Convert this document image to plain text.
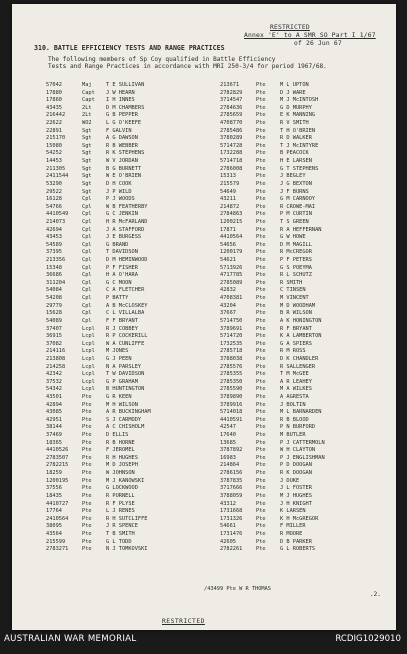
RESTRICTED
Annex 'E' to A SMR SO Part I 1/67
of 26 Jun 67
310. BATTLE EFFICIENCY TESTS AND RANGE PRACTICES
The following members of Sp Coy qualified in Battle Efficiency
Tests and Range Practices in accordance with MRI 250-3/4 for period 1967/68.
57042	Maj	T E SULLIVAN
17880	Capt	J W HEARN
17860	Capt	I H INNES
43435	2Lt	D M CHAMBERS
216442	2Lt	G B PEPPER
22622	WO2	L G O'KEEFE
22891	Sgt	F GALVIN
215170	Sgt	A G DAWSON
15080	Sgt	R B WEBBER
54252	Sgt	R K STEPHENS
14453	Sgt	W V JORDAN
211305	Sgt	B G BURNETT
2411544	Sgt	W E O'BRIEN
53290	Sgt	D H COOK
29522	Sgt	J P WILD
16128	Cpl	P J WOODS
54766	Cpl	W B FEATHERBY
4410549	Cpl	G C JENKIN
214073	Cpl	H R McFARLAND
42694	Cpl	J A STAFFORD
43453	Cpl	J E BURGESS
54589	Cpl	G BRAND
37395	Cpl	T DAVIDSON
213356	Cpl	D M HEMINWOOD
15348	Cpl	P F FISHER
36686	Cpl	H A O'HARA
311204	Cpl	G C MOON
54084	Cpl	C A FLETCHER
54208	Cpl	P BATTY
29779	Cpl	A B McCLOSKEY
15628	Cpl	C L VILLALBA
54089	Cpl	F F BRYANT
37407	Lcpl	R J COBBEY
36915	Lcpl	R P COCKERILL
37082	Lcpl	W A CUNLIFFE
214116	Lcpl	M JONES
213808	Lcpl	G J PEEN
214258	Lcpl	N A PARSLEY
42342	Lcpl	T W DAVIDSON
37532	Lcpl	G P GRAHAM
54342	Lcpl	B HUNTINGTON
43501	Pte	G R KEEN
42894	Pte	M H WILSON
43085	Pte	A R BUCKINGHAM
42951	Pte	S J CARMODY
38144	Pte	A C CHISHOLM
37469	Pte	D ELLIS
18365	Pte	R B HORNE
4410526	Pte	F JEROMEL
2783507	Pte	R H HUGHES
2782215	Pte	M D JOSEPH
18259	Pte	W JOHNSON
1200195	Pte	M J KANOWSKI
37556	Pte	G LOCKWOOD
18435	Pte	R PURNELL
4410727	Pte	R F PLYSE
17764	Pte	L J RENES
2410564	Pte	R H SUTCLIFFE
38095	Pte	J R SPENCE
43564	Pte	T B SMITH
215599	Pte	G L TODD
2783271	Pte	N J TOMKOVSKI
213671	Pte	M L UPTON
2782829	Pte	D J WARE
3714547	Pte	M J McINTOSH
2784636	Pte	G D MURPHY
2785659	Pte	E K MANNING
4708770	Pte	R V SMITH
2785486	Pte	T H O'BRIEN
3780289	Pte	R D WALKER
5714728	Pte	T J McINTYRE
1732288	Pte	B PEACOCK
5714718	Pte	H E LARSEN
2786008	Pte	G T STEPHENS
15313	Pte	J BEGLEY
215579	Pte	J G BEXTON
54649	Pte	J F BURNS
43211	Pte	G M CARNOOY
214872	Pte	R CROWE-MAI
2784863	Pte	P M CURTIN
1200215	Pte	T S GREEN
17871	Pte	R A HEFFERNAN
4410564	Pte	G W HOWE
54656	Pte	D M MAGILL
1200179	Pte	R McCREGOR
54621	Pte	P F PETERS
5713926	Pte	G S POEYMA
4717785	Pte	R L SCHUTZ
2785089	Pte	R SMITH
42832	Pte	C TINSEN
4708381	Pte	M VINCENT
43204	Pte	M D WOODHAM
37667	Pte	B R WILSON
5714750	Pte	A K HONINGTON
3789691	Pte	R F BRYANT
5714720	Pte	K A LAMBERTON
1732535	Pte	G A SPIERS
2785718	Pte	R M ROSS
3788038	Pte	D K CHANDLER
2785576	Pte	R SALLENGER
2785355	Pte	T M McGEE
2785350	Pte	A R LEAHEY
2785590	Pte	M A WILKES
3789890	Pte	A AGRESTA
3789916	Pte	J BOLTIN
5714018	Pte	M L BARNARDEN
4410591	Pte	R B BLOOD
42547	Pte	P N BURFORD
17640	Pte	M BUTLER
13685	Pte	P J CATTERMOLN
3787892	Pte	W H CLAYTON
16983	Pte	P J ENGLISHMAN
214864	Pte	P D DOOGAN
2786156	Pte	R K DOOGAN
3787835	Pte	J DUKE
3717666	Pte	J L FOSTER
3788059	Pte	M J HUGHES
43312	Pte	J H KNIGHT
1731668	Pte	K LARSEN
1731326	Pte	K H McGREGOR
54661	Pte	F MILLER
1731476	Pte	R MOORE
42605	Pte	D B PARKER
2782261	Pte	G L ROBERTS
/43499 Pte W R THOMAS
.2.
RESTRICTED
AUSTRALIAN WAR MEMORIAL	RCDIG1029010
